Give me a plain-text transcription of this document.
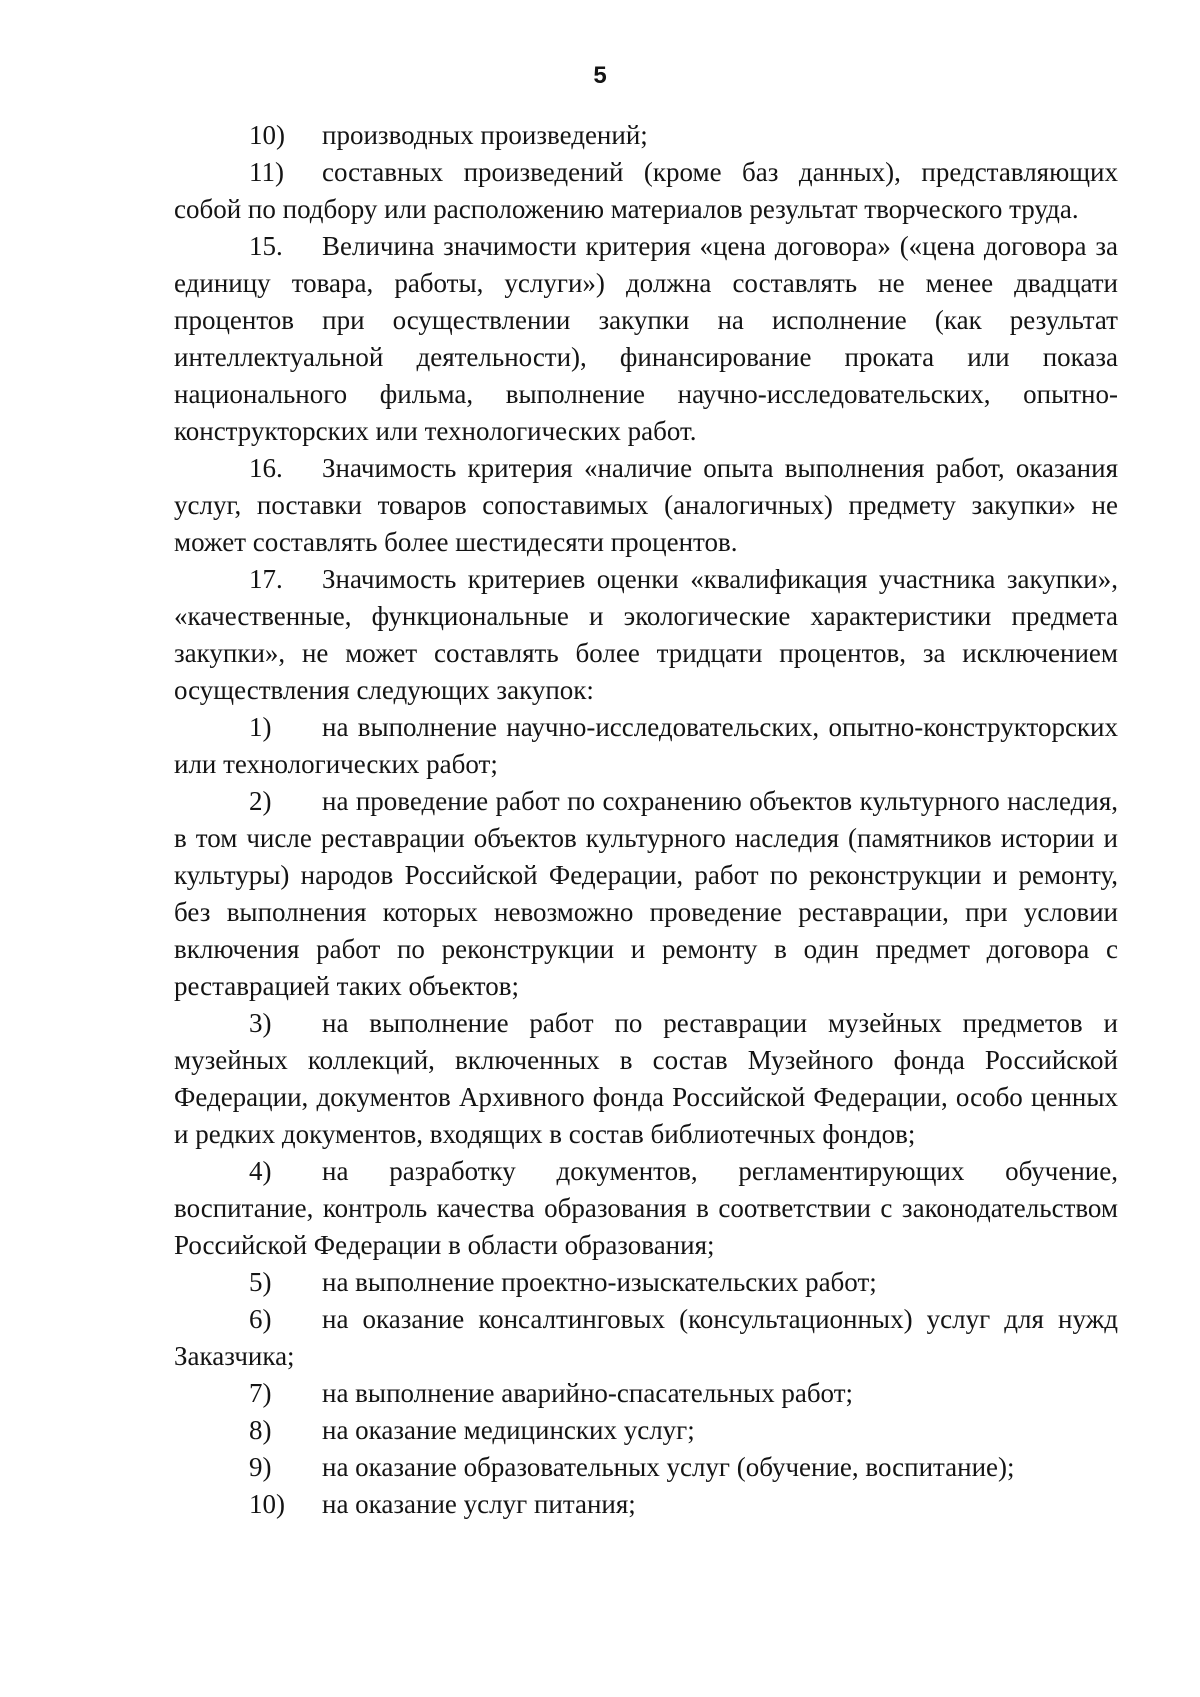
5

10) производных произведений;

11) составных произведений (кроме баз данных), представляющих собой по подбору или расположению материалов результат творческого труда.

15. Величина значимости критерия «цена договора» («цена договора за единицу товара, работы, услуги») должна составлять не менее двадцати процентов при осуществлении закупки на исполнение (как результат интеллектуальной деятельности), финансирование проката или показа национального фильма, выполнение научно-исследовательских, опытно-конструкторских или технологических работ.

16. Значимость критерия «наличие опыта выполнения работ, оказания услуг, поставки товаров сопоставимых (аналогичных) предмету закупки» не может составлять более шестидесяти процентов.

17. Значимость критериев оценки «квалификация участника закупки», «качественные, функциональные и экологические характеристики предмета закупки», не может составлять более тридцати процентов, за исключением осуществления следующих закупок:

1) на выполнение научно-исследовательских, опытно-конструкторских или технологических работ;

2) на проведение работ по сохранению объектов культурного наследия, в том числе реставрации объектов культурного наследия (памятников истории и культуры) народов Российской Федерации, работ по реконструкции и ремонту, без выполнения которых невозможно проведение реставрации, при условии включения работ по реконструкции и ремонту в один предмет договора с реставрацией таких объектов;

3) на выполнение работ по реставрации музейных предметов и музейных коллекций, включенных в состав Музейного фонда Российской Федерации, документов Архивного фонда Российской Федерации, особо ценных и редких документов, входящих в состав библиотечных фондов;

4) на разработку документов, регламентирующих обучение, воспитание, контроль качества образования в соответствии с законодательством Российской Федерации в области образования;

5) на выполнение проектно-изыскательских работ;

6) на оказание консалтинговых (консультационных) услуг для нужд Заказчика;

7) на выполнение аварийно-спасательных работ;

8) на оказание медицинских услуг;

9) на оказание образовательных услуг (обучение, воспитание);

10) на оказание услуг питания;
